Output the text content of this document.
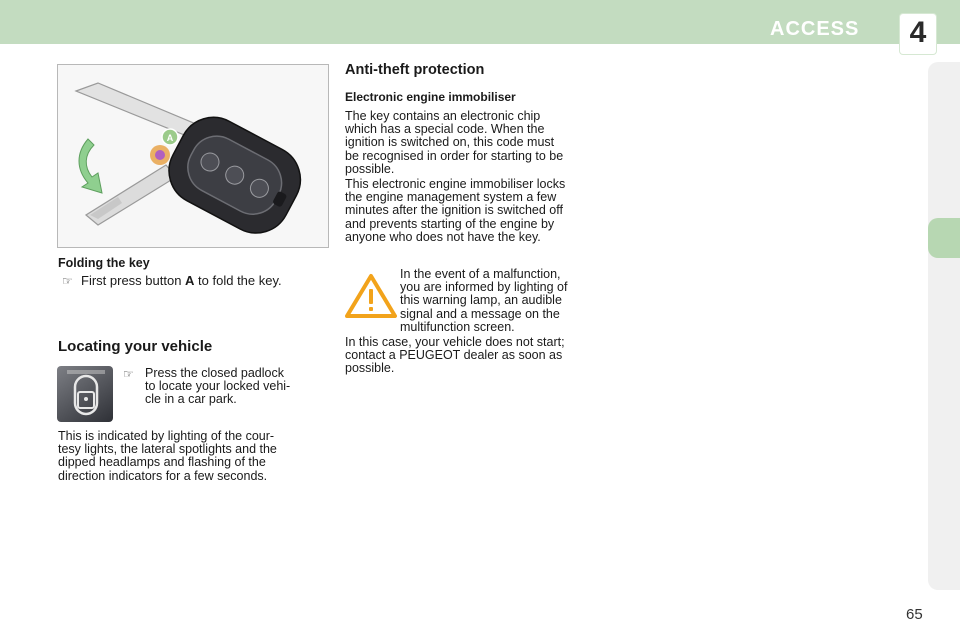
ACCESS	4
A
Folding the key
☞ First press button A to fold the key.
Locating your vehicle
☞ Press the closed padlock
to locate your locked vehi-
cle in a car park.
This is indicated by lighting of the cour-
tesy lights, the lateral spotlights and the
dipped headlamps and flashing of the
direction indicators for a few seconds.
Anti-theft protection
Electronic engine immobiliser
The key contains an electronic chip
which has a special code. When the
ignition is switched on, this code must
be recognised in order for starting to be
possible.
This electronic engine immobiliser locks
the engine management system a few
minutes after the ignition is switched off
and prevents starting of the engine by
anyone who does not have the key.
In the event of a malfunction,
you are informed by lighting of
this warning lamp, an audible
signal and a message on the
multifunction screen.
In this case, your vehicle does not start;
contact a PEUGEOT dealer as soon as
possible.
65
